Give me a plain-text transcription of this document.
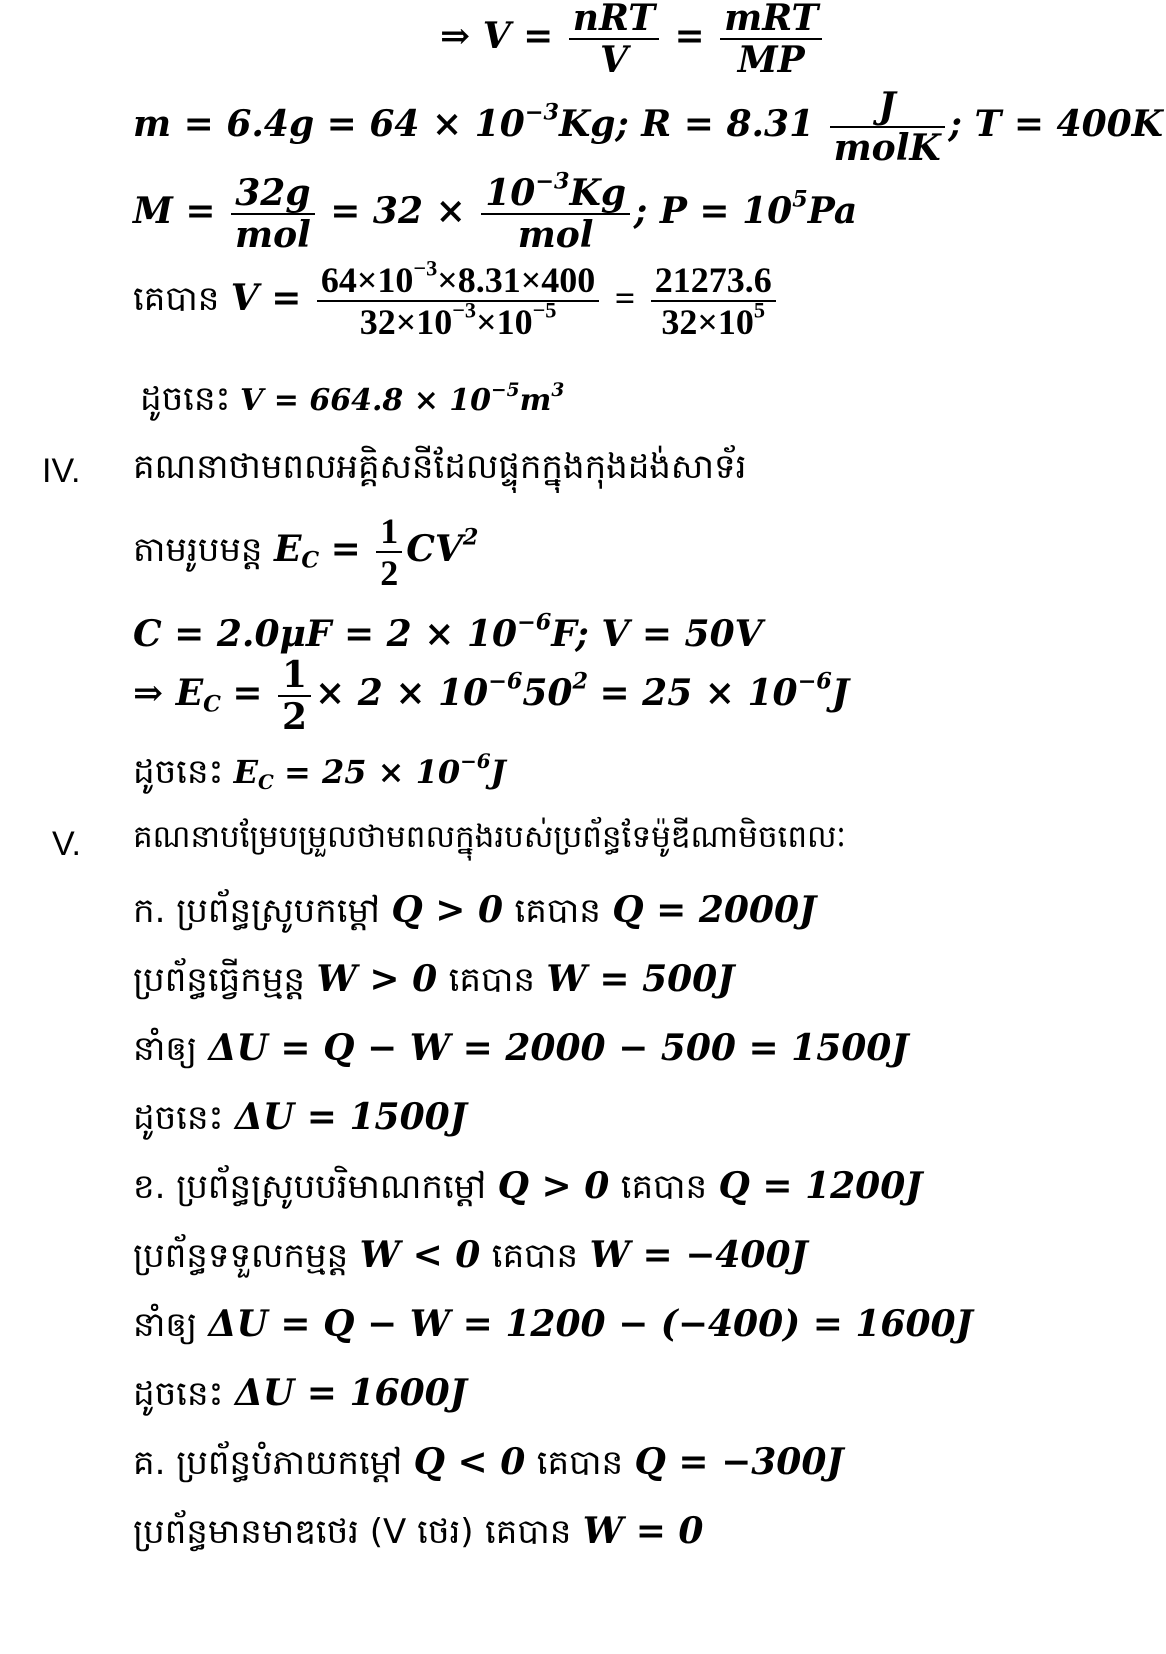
⇒ $V = \frac{\text{nRT}}{V} = \frac{\text{mRT}}{MP}$
$m = 6.4g = 64 \times 10^{-3}Kg$; $R = 8.31 \frac{J}{\text{molK}}$ ; T = 400K
$M = \frac{32g}{\text{mol}} = 32 \times \frac{10^{-3}Kg}{\text{mol}}$ ; $P = 10^5Pa$
គេបាន $V = \frac{64\times 10^{-3}\times 8.31\times 400}{32\times 10^{-3}\times 10^{-5}} = \frac{21273.6}{32\times 10^5}$
ដូចនេះ $V = 664.8 \times 10^{-5}m^3$
IV. គណនាថាមពលអគ្គិសនីដែលផ្ទុកក្នុងកុងដង់សាទ័រ
តាមរូបមន្ត $E_C = \frac{1}{2} CV^2$
$C = 2.0\mu F = 2 \times 10^{-6}F$; V = 50V
⇒ $E_C = \frac{1}{2} \times 2 \times 10^{-6}50^2 = 25 \times 10^{-6}J$
ដូចនេះ $E_C = 25 \times 10^{-6}J$
V. គណនាបម្រែបម្រួលថាមពលក្នុងរបស់ប្រព័ន្ធទែម៉ូឌីណាមិចពេលៈ
ក. ប្រព័ន្ធស្រូបកម្ដៅ Q > 0 គេបាន Q = 2000J
ប្រព័ន្ធធ្វើកម្មន្ត W > 0 គេបាន W = 500J
នាំឲ្យ ΔU = Q − W = 2000 − 500 = 1500J
ដូចនេះ ΔU = 1500J
ខ. ប្រព័ន្ធស្រូបបរិមាណកម្ដៅ Q > 0 គេបាន Q = 1200J
ប្រព័ន្ធទទួលកម្មន្ត W < 0 គេបាន W = −400J
នាំឲ្យ ΔU = Q − W = 1200 − (−400) = 1600J
ដូចនេះ ΔU = 1600J
គ. ប្រព័ន្ធបំភាយកម្ដៅ Q < 0 គេបាន Q = −300J
ប្រព័ន្ធមានមាឌថេរ (V ថេរ) គេបាន W = 0
